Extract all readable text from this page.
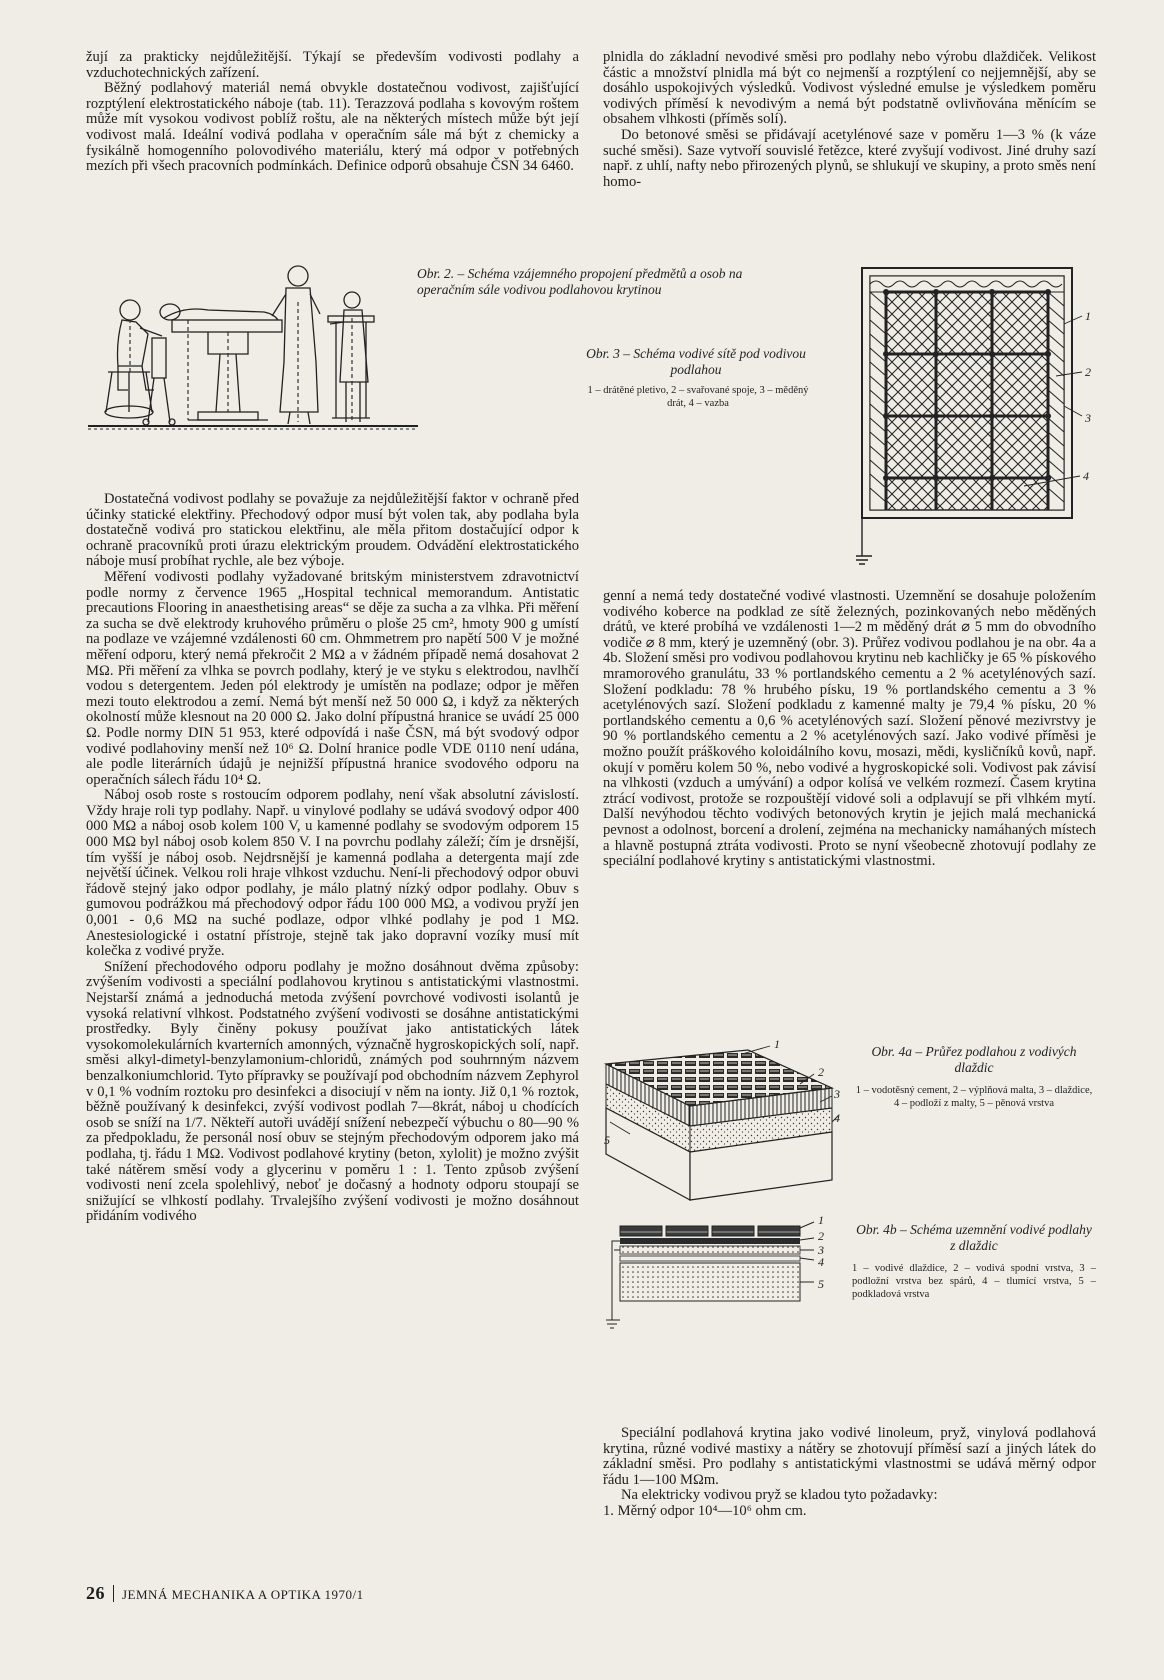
žují za prakticky nejdůležitější. Týkají se především vodivosti podlahy a vzduchotechnických zařízení.

Běžný podlahový materiál nemá obvykle dostatečnou vodivost, zajišťující rozptýlení elektrostatického náboje (tab. 11). Terazzová podlaha s kovovým roštem může mít vysokou vodivost poblíž roštu, ale na některých místech může být její vodivost malá. Ideální vodivá podlaha v operačním sále má být z chemicky a fysikálně homogenního polovodivého materiálu, který má odpor v potřebných mezích při všech pracovních podmínkách. Definice odporů obsahuje ČSN 34 6460.

plnidla do základní nevodivé směsi pro podlahy nebo výrobu dlaždiček. Velikost částic a množství plnidla má být co nejmenší a rozptýlení co nejjemnější, aby se dosáhlo uspokojivých výsledků. Vodivost výsledné emulse je výsledkem poměru vodivých příměsí k nevodivým a nemá být podstatně ovlivňována měnícím se obsahem vlhkosti (příměs solí).

Do betonové směsi se přidávají acetylénové saze v poměru 1—3 % (k váze suché směsi). Saze vytvoří souvislé řetězce, které zvyšují vodivost. Jiné druhy sazí např. z uhlí, nafty nebo přirozených plynů, se shlukují ve skupiny, a proto směs není homo-

Obr. 2. – Schéma vzájemného propojení předmětů a osob na operačním sále vodivou podlahovou krytinou
Obr. 3 – Schéma vodivé sítě pod vodivou podlahou
1 – drátěné pletivo, 2 – svařované spoje, 3 – měděný drát, 4 – vazba
1
2
3
4

Dostatečná vodivost podlahy se považuje za nejdůležitější faktor v ochraně před účinky statické elektřiny. Přechodový odpor musí být volen tak, aby podlaha byla dostatečně vodivá pro statickou elektřinu, ale měla přitom dostačující odpor k ochraně pracovníků proti úrazu elektrickým proudem. Odvádění elektrostatického náboje musí probíhat rychle, ale bez výboje.

Měření vodivosti podlahy vyžadované britským ministerstvem zdravotnictví podle normy z července 1965 „Hospital technical memorandum. Antistatic precautions Flooring in anaesthetising areas“ se děje za sucha a za vlhka. Při měření za sucha se dvě elektrody kruhového průměru o ploše 25 cm², hmoty 900 g umístí na podlaze ve vzájemné vzdálenosti 60 cm. Ohmmetrem pro napětí 500 V je možné měření odporu, který nemá překročit 2 MΩ a v žádném případě nemá dosahovat 2 MΩ. Při měření za vlhka se povrch podlahy, který je ve styku s elektrodou, navlhčí vodou s detergentem. Jeden pól elektrody je umístěn na podlaze; odpor je měřen mezi touto elektrodou a zemí. Nemá být menší než 50 000 Ω, i když za některých okolností může klesnout na 20 000 Ω. Jako dolní přípustná hranice se uvádí 25 000 Ω. Podle normy DIN 51 953, které odpovídá i naše ČSN, má být svodový odpor vodivé podlahoviny menší než 10⁶ Ω. Dolní hranice podle VDE 0110 není udána, ale podle literárních údajů je nejnižší přípustná hranice svodového odporu na operačních sálech řádu 10⁴ Ω.

Náboj osob roste s rostoucím odporem podlahy, není však absolutní závislostí. Vždy hraje roli typ podlahy. Např. u vinylové podlahy se udává svodový odpor 400 000 MΩ a náboj osob kolem 100 V, u kamenné podlahy se svodovým odporem 15 000 MΩ byl náboj osob kolem 850 V. I na povrchu podlahy záleží; čím je drsnější, tím vyšší je náboj osob. Nejdrsnější je kamenná podlaha a detergenta mají zde největší účinek. Velkou roli hraje vlhkost vzduchu. Není-li přechodový odpor obuvi řádově stejný jako odpor podlahy, je málo platný nízký odpor podlahy. Obuv s gumovou podrážkou má přechodový odpor řádu 100 000 MΩ, a vodivou pryží jen 0,001 - 0,6 MΩ na suché podlaze, odpor vlhké podlahy je pod 1 MΩ. Anestesiologické i ostatní přístroje, stejně tak jako dopravní vozíky musí mít kolečka z vodivé pryže.

Snížení přechodového odporu podlahy je možno dosáhnout dvěma způsoby: zvýšením vodivosti a speciální podlahovou krytinou s antistatickými vlastnostmi. Nejstarší známá a jednoduchá metoda zvýšení povrchové vodivosti isolantů je vysoká relativní vlhkost. Podstatného zvýšení vodivosti se dosáhne antistatickými prostředky. Byly činěny pokusy používat jako antistatických látek vysokomolekulárních kvarterních amonných, význačně hygroskopických solí, např. směsi alkyl-dimetyl-benzylamonium-chloridů, známých pod souhrnným názvem benzalkoniumchlorid. Tyto přípravky se používají pod obchodním názvem Zephyrol v 0,1 % vodním roztoku pro desinfekci a disociují v něm na ionty. Již 0,1 % roztok, běžně používaný k desinfekci, zvýší vodivost podlah 7—8krát, náboj u chodících osob se sníží na 1/7. Někteří autoři uvádějí snížení nebezpečí výbuchu o 80—90 % za předpokladu, že personál nosí obuv se stejným přechodovým odporem jako má podlaha, tj. řádu 1 MΩ. Vodivost podlahové krytiny (beton, xylolit) je možno zvýšit také nátěrem směsí vody a glycerinu v poměru 1 : 1. Tento způsob zvýšení vodivosti není zcela spolehlivý, neboť je dočasný a hodnoty odporu stoupají se snižující se vlhkostí podlahy. Trvalejšího zvýšení vodivosti je možno dosáhnout přidáním vodivého

genní a nemá tedy dostatečné vodivé vlastnosti. Uzemnění se dosahuje položením vodivého koberce na podklad ze sítě železných, pozinkovaných nebo měděných drátů, ve které probíhá ve vzdálenosti 1—2 m měděný drát ⌀ 5 mm do obvodního vodiče ⌀ 8 mm, který je uzemněný (obr. 3). Průřez vodivou podlahou je na obr. 4a a 4b. Složení směsi pro vodivou podlahovou krytinu neb kachličky je 65 % pískového mramorového granulátu, 33 % portlandského cementu a 2 % acetylénových sazí. Složení podkladu: 78 % hrubého písku, 19 % portlandského cementu a 3 % acetylénových sazí. Složení podkladu z kamenné malty je 79,4 % písku, 20 % portlandského cementu a 0,6 % acetylénových sazí. Složení pěnové mezivrstvy je 90 % portlandského cementu a 2 % acetylénových sazí. Jako vodivé příměsi je možno použít práškového koloidálního kovu, mosazi, mědi, kysličníků kovů, např. okují v poměru kolem 50 %, nebo vodivé a hygroskopické soli. Vodivost pak závisí na vlhkosti (vzduch a umývání) a odpor kolísá ve velkém rozmezí. Časem krytina ztrácí vodivost, protože se rozpouštějí vidové soli a odplavují se při vlhkém mytí. Další nevýhodou těchto vodivých betonových krytin je jejich malá mechanická pevnost a odolnost, borcení a drolení, zejména na mechanicky namáhaných místech a hlavně postupná ztráta vodivosti. Proto se nyní všeobecně zhotovují podlahy ze speciální podlahové krytiny s antistatickými vlastnostmi.

1
2
3
4
5
Obr. 4a – Průřez podlahou z vodivých dlaždic
1 – vodotěsný cement, 2 – výplňová malta, 3 – dlaždice, 4 – podloží z malty, 5 – pěnová vrstva
1
2
3
4
5
Obr. 4b – Schéma uzemnění vodivé podlahy z dlaždic
1 – vodivé dlaždice, 2 – vodivá spodní vrstva, 3 – podložní vrstva bez spárů, 4 – tlumící vrstva, 5 – podkladová vrstva

Speciální podlahová krytina jako vodivé linoleum, pryž, vinylová podlahová krytina, různé vodivé mastixy a nátěry se zhotovují příměsí sazí a jiných látek do základní směsi. Pro podlahy s antistatickými vlastnostmi se udává měrný odpor řádu 1—100 MΩm.

Na elektricky vodivou pryž se kladou tyto požadavky:

1. Měrný odpor 10⁴—10⁶ ohm cm.

26 JEMNÁ MECHANIKA A OPTIKA 1970/1
